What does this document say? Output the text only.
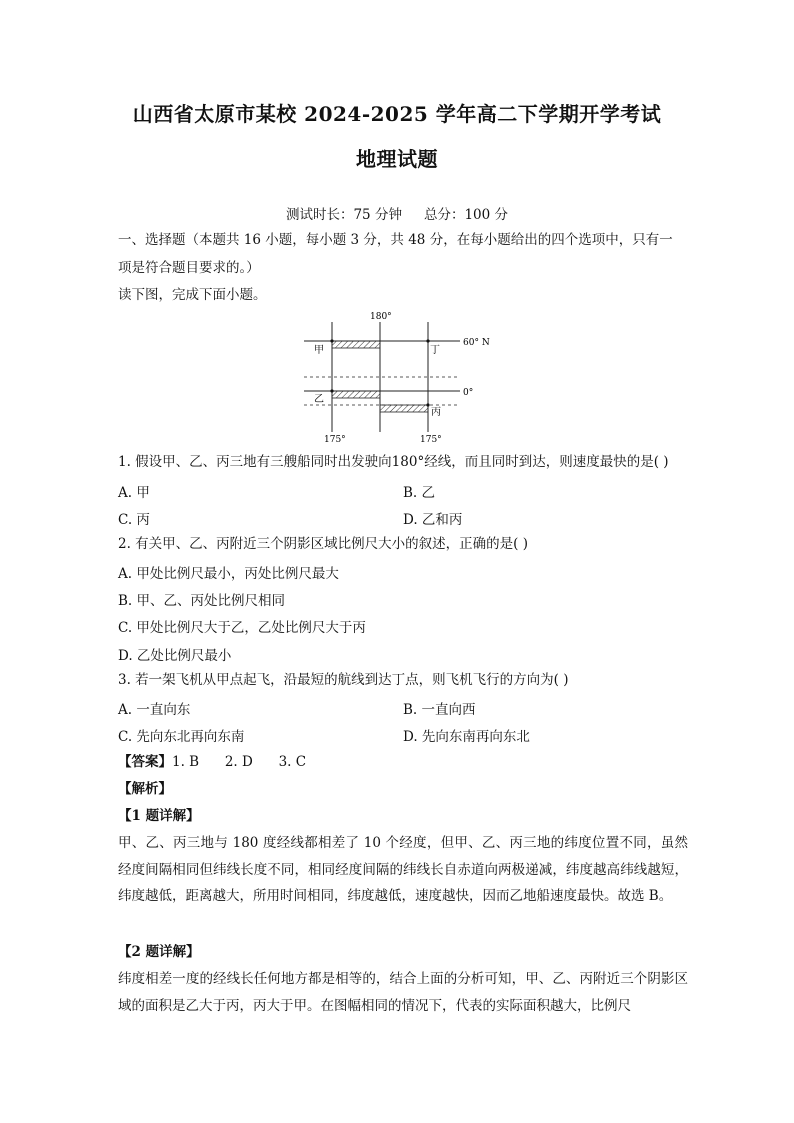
山西省太原市某校 2024-2025 学年高二下学期开学考试
地理试题
测试时长：75 分钟 总分：100 分
一、选择题（本题共 16 小题，每小题 3 分，共 48 分，在每小题给出的四个选项中，只有一
项是符合题目要求的。）
读下图，完成下面小题。
180°
60° N
0°
175°	175°
甲
乙
丙
丁
1. 假设甲、乙、丙三地有三艘船同时出发驶向180°经线，而且同时到达，则速度最快的是( )
A. 甲	B. 乙
C. 丙	D. 乙和丙
2. 有关甲、乙、丙附近三个阴影区域比例尺大小的叙述，正确的是( )
A. 甲处比例尺最小，丙处比例尺最大
B. 甲、乙、丙处比例尺相同
C. 甲处比例尺大于乙，乙处比例尺大于丙
D. 乙处比例尺最小
3. 若一架飞机从甲点起飞，沿最短的航线到达丁点，则飞机飞行的方向为( )
A. 一直向东	B. 一直向西
C. 先向东北再向东南	D. 先向东南再向东北
【答案】1. B      2. D      3. C
【解析】
【1 题详解】
甲、乙、丙三地与 180 度经线都相差了 10 个经度，但甲、乙、丙三地的纬度位置不同，虽然经度间隔相同但纬线长度不同，相同经度间隔的纬线长自赤道向两极递减，纬度越高纬线越短，纬度越低，距离越大，所用时间相同，纬度越低，速度越快，因而乙地船速度最快。故选 B。
【2 题详解】
纬度相差一度的经线长任何地方都是相等的，结合上面的分析可知，甲、乙、丙附近三个阴影区域的面积是乙大于丙，丙大于甲。在图幅相同的情况下，代表的实际面积越大，比例尺
